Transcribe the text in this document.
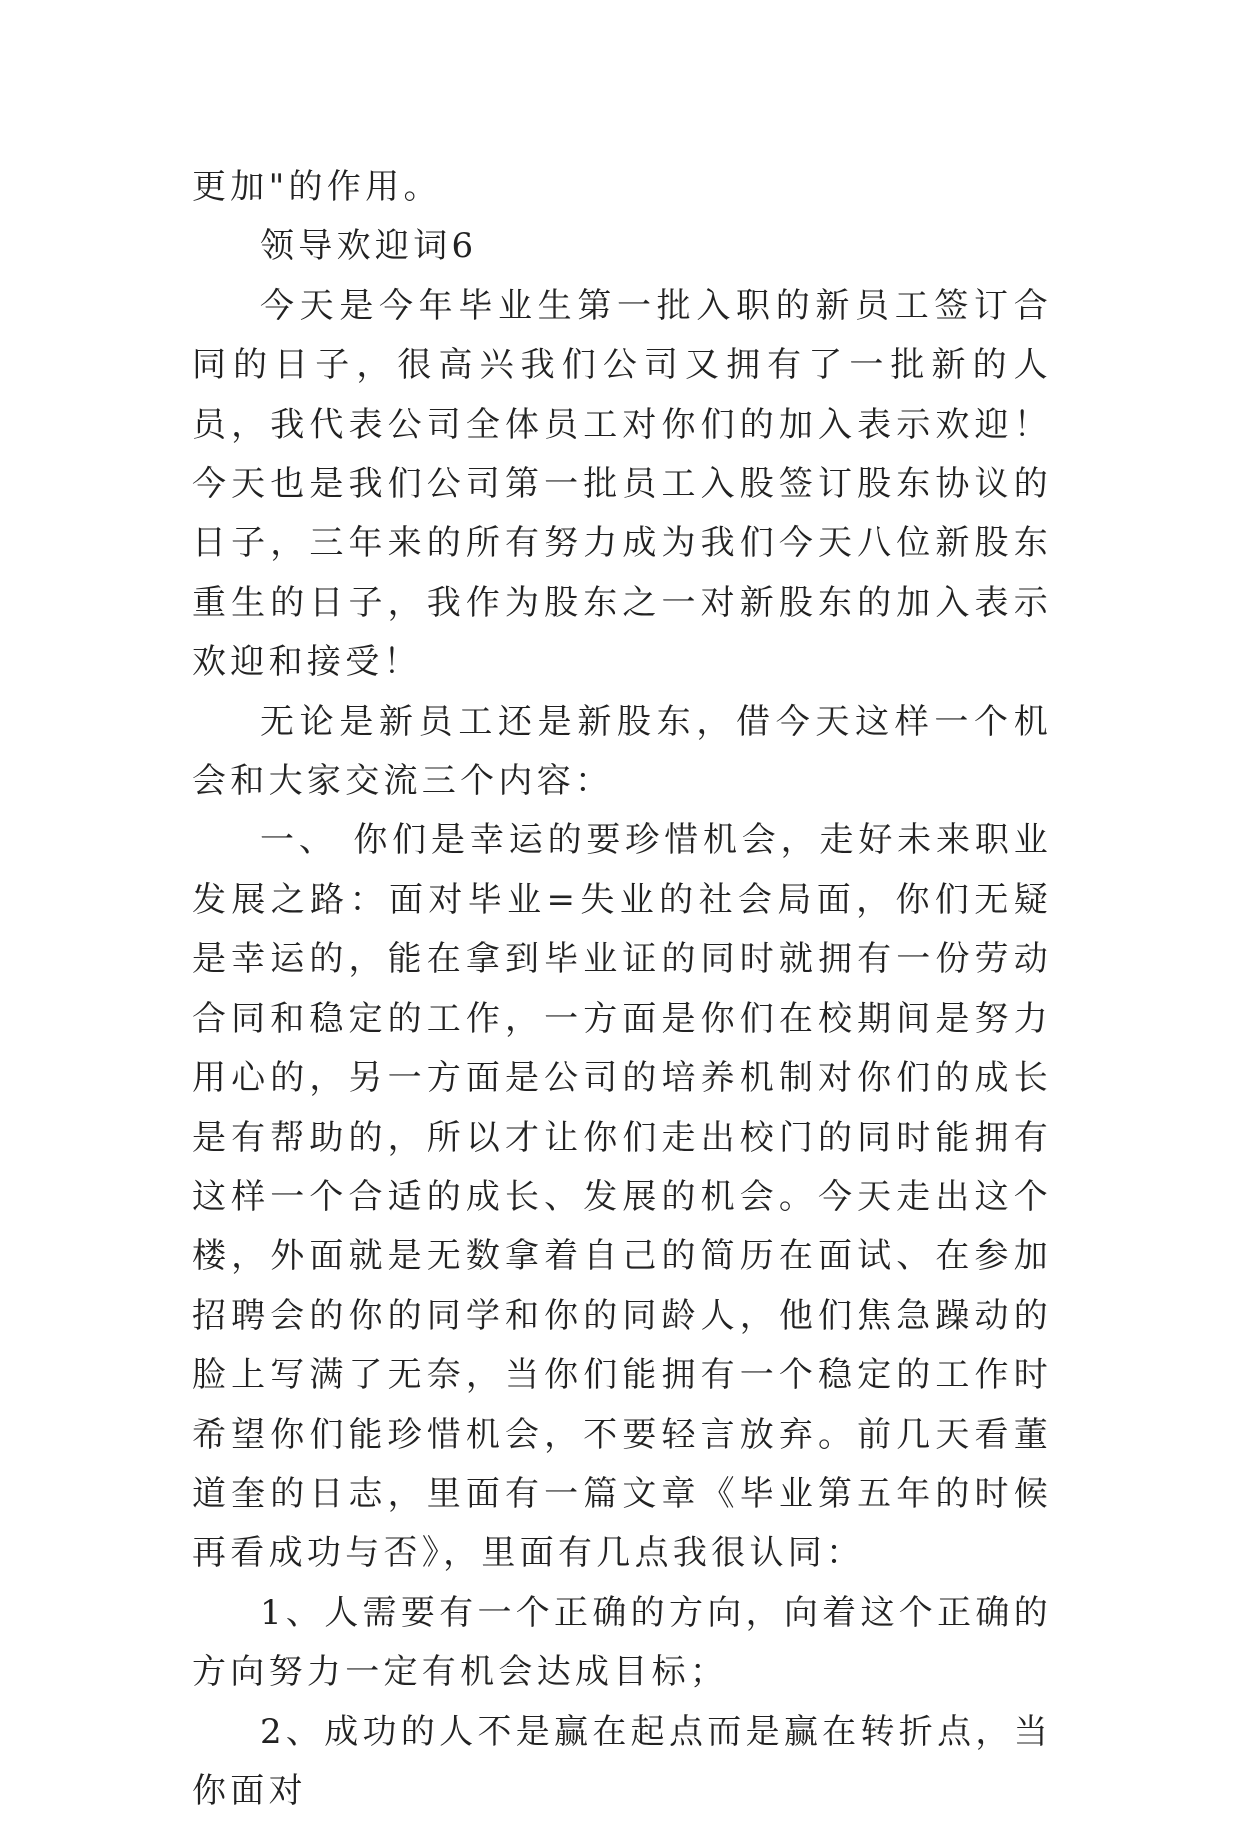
更加"的作用。

领导欢迎词6

今天是今年毕业生第一批入职的新员工签订合同的日子，很高兴我们公司又拥有了一批新的人员，我代表公司全体员工对你们的加入表示欢迎！今天也是我们公司第一批员工入股签订股东协议的日子，三年来的所有努力成为我们今天八位新股东重生的日子，我作为股东之一对新股东的加入表示欢迎和接受！

无论是新员工还是新股东，借今天这样一个机会和大家交流三个内容：

一、 你们是幸运的要珍惜机会，走好未来职业发展之路：面对毕业=失业的社会局面，你们无疑是幸运的，能在拿到毕业证的同时就拥有一份劳动合同和稳定的工作，一方面是你们在校期间是努力用心的，另一方面是公司的培养机制对你们的成长是有帮助的，所以才让你们走出校门的同时能拥有这样一个合适的成长、发展的机会。今天走出这个楼，外面就是无数拿着自己的简历在面试、在参加招聘会的你的同学和你的同龄人，他们焦急躁动的脸上写满了无奈，当你们能拥有一个稳定的工作时希望你们能珍惜机会，不要轻言放弃。前几天看董道奎的日志，里面有一篇文章《毕业第五年的时候再看成功与否》，里面有几点我很认同：

1、人需要有一个正确的方向，向着这个正确的方向努力一定有机会达成目标；

2、成功的人不是赢在起点而是赢在转折点，当你面对
